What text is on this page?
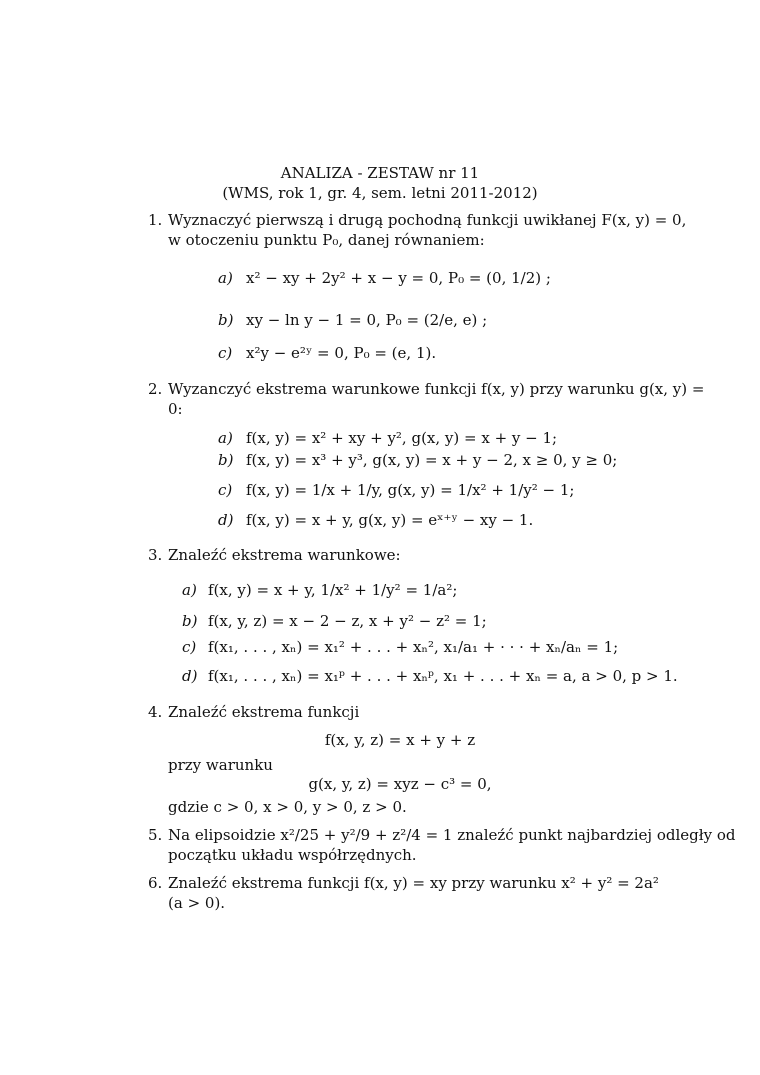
ANALIZA - ZESTAW nr 11
(WMS, rok 1, gr. 4, sem. letni 2011-2012)
1. Wyznaczyć pierwszą i drugą pochodną funkcji uwikłanej F(x, y) = 0,
w otoczeniu punktu P₀, danej równaniem:
a) x² − xy + 2y² + x − y = 0, P₀ = (0, 1/2) ;
b) xy − ln y − 1 = 0, P₀ = (2/e, e) ;
c) x²y − e²ʸ = 0, P₀ = (e, 1).
2. Wyzanczyć ekstrema warunkowe funkcji f(x, y) przy warunku g(x, y) =
0:
a) f(x, y) = x² + xy + y², g(x, y) = x + y − 1;
b) f(x, y) = x³ + y³, g(x, y) = x + y − 2, x ≥ 0, y ≥ 0;
c) f(x, y) = 1/x + 1/y, g(x, y) = 1/x² + 1/y² − 1;
d) f(x, y) = x + y, g(x, y) = eˣ⁺ʸ − xy − 1.
3. Znaleźć ekstrema warunkowe:
a) f(x, y) = x + y, 1/x² + 1/y² = 1/a²;
b) f(x, y, z) = x − 2 − z, x + y² − z² = 1;
c) f(x₁, . . . , xₙ) = x₁² + . . . + xₙ², x₁/a₁ + · · · + xₙ/aₙ = 1;
d) f(x₁, . . . , xₙ) = x₁ᵖ + . . . + xₙᵖ, x₁ + . . . + xₙ = a, a > 0, p > 1.
4. Znaleźć ekstrema funkcji
f(x, y, z) = x + y + z
przy warunku
g(x, y, z) = xyz − c³ = 0,
gdzie c > 0, x > 0, y > 0, z > 0.
5. Na elipsoidzie x²/25 + y²/9 + z²/4 = 1 znaleźć punkt najbardziej odległy od
początku układu współrzędnych.
6. Znaleźć ekstrema funkcji f(x, y) = xy przy warunku x² + y² = 2a²
(a > 0).
